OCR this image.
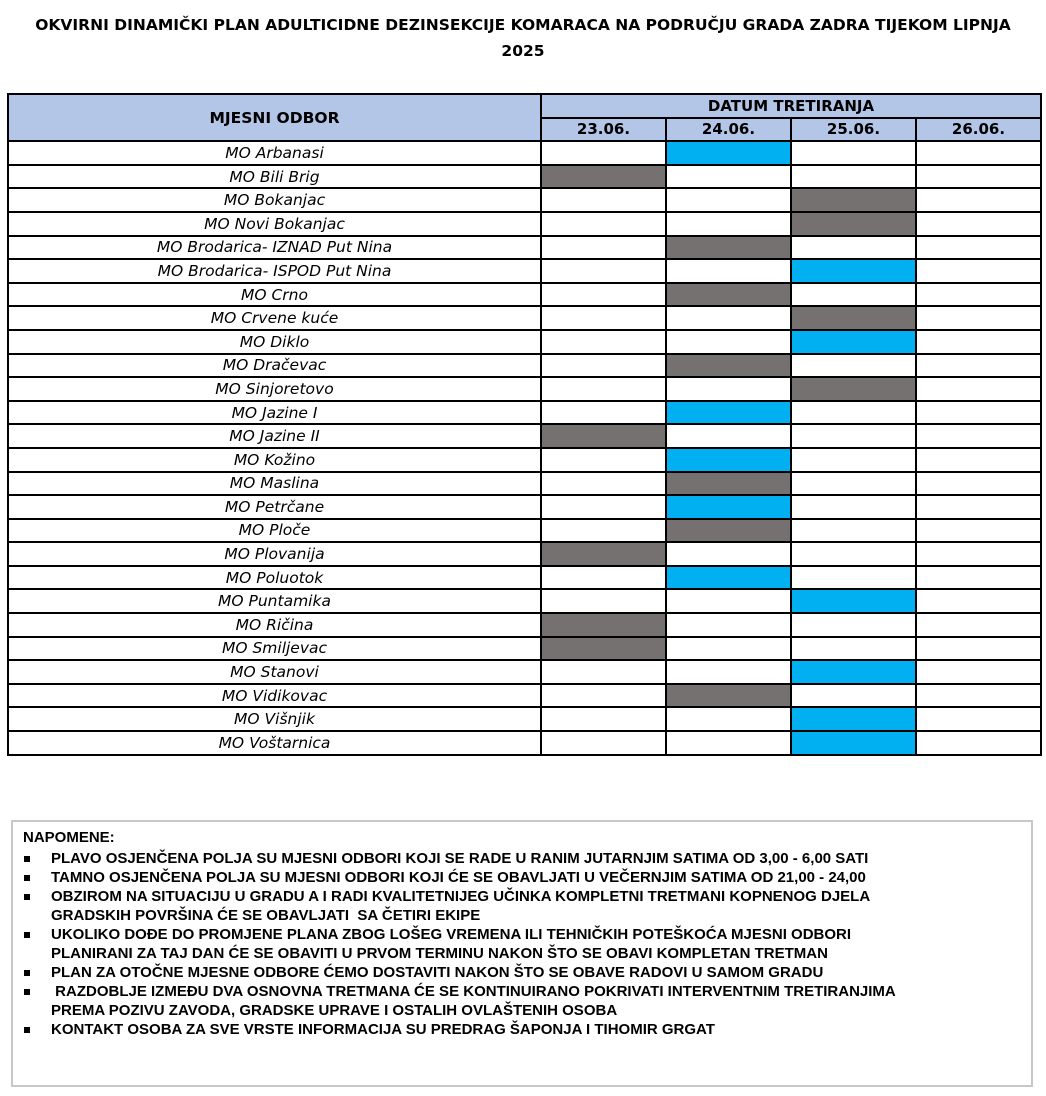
OKVIRNI DINAMIČKI PLAN ADULTICIDNE DEZINSEKCIJE KOMARACA NA PODRUČJU GRADA ZADRA TIJEKOM LIPNJA
2025
MJESNI ODBOR	DATUM TRETIRANJA			
	23.06.	24.06.	25.06.	26.06.
MO Arbanasi				
MO Bili Brig				
MO Bokanjac				
MO Novi Bokanjac				
MO Brodarica- IZNAD Put Nina				
MO Brodarica- ISPOD Put Nina				
MO Crno				
MO Crvene kuće				
MO Diklo				
MO Dračevac				
MO Sinjoretovo				
MO Jazine I				
MO Jazine II				
MO Kožino				
MO Maslina				
MO Petrčane				
MO Ploče				
MO Plovanija				
MO Poluotok				
MO Puntamika				
MO Ričina				
MO Smiljevac				
MO Stanovi				
MO Vidikovac				
MO Višnjik				
MO Voštarnica				
NAPOMENE:
PLAVO OSJENČENA POLJA SU MJESNI ODBORI KOJI SE RADE U RANIM JUTARNJIM SATIMA OD 3,00 - 6,00 SATI
TAMNO OSJENČENA POLJA SU MJESNI ODBORI KOJI ĆE SE OBAVLJATI U VEČERNJIM SATIMA OD 21,00 - 24,00
OBZIROM NA SITUACIJU U GRADU A I RADI KVALITETNIJEG UČINKA KOMPLETNI TRETMANI KOPNENOG DJELA
GRADSKIH POVRŠINA ĆE SE OBAVLJATI  SA ČETIRI EKIPE
UKOLIKO DOĐE DO PROMJENE PLANA ZBOG LOŠEG VREMENA ILI TEHNIČKIH POTEŠKOĆA MJESNI ODBORI
PLANIRANI ZA TAJ DAN ĆE SE OBAVITI U PRVOM TERMINU NAKON ŠTO SE OBAVI KOMPLETAN TRETMAN
PLAN ZA OTOČNE MJESNE ODBORE ĆEMO DOSTAVITI NAKON ŠTO SE OBAVE RADOVI U SAMOM GRADU
RAZDOBLJE IZMEĐU DVA OSNOVNA TRETMANA ĆE SE KONTINUIRANO POKRIVATI INTERVENTNIM TRETIRANJIMA
PREMA POZIVU ZAVODA, GRADSKE UPRAVE I OSTALIH OVLAŠTENIH OSOBA
KONTAKT OSOBA ZA SVE VRSTE INFORMACIJA SU PREDRAG ŠAPONJA I TIHOMIR GRGAT
